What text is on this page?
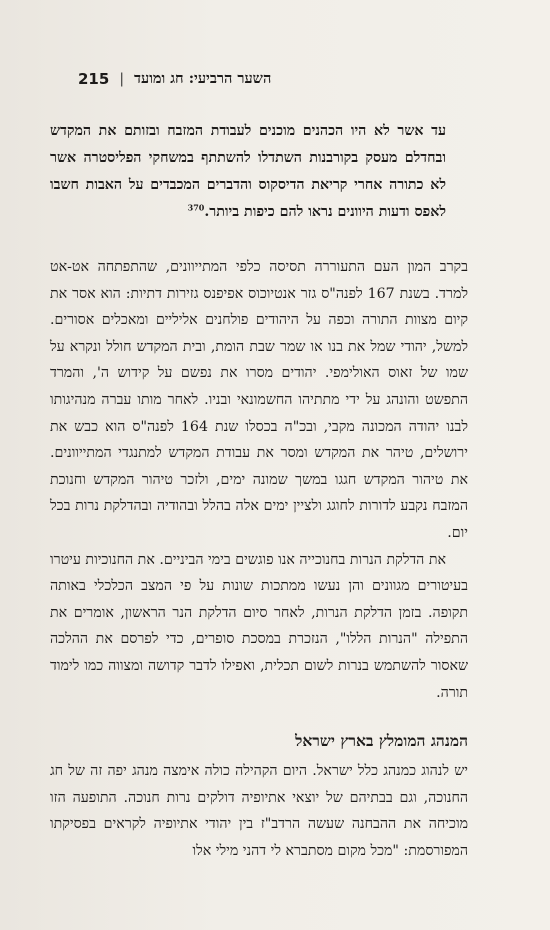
215 | השער הרביעי: חג ומועד
עד אשר לא היו הכהנים מוכנים לעבודת המזבח ובזותם את המקדש ובחדלם מעסק בקורבנות השתדלו להשתתף במשחקי הפליסטרה אשר לא כתורה אחרי קריאת הדיסקוס והדברים המכבדים על האבות חשבו לאפס ודעות היוונים נראו להם כיפות ביותר.$^{370}$

בקרב המון העם התעוררה תסיסה כלפי המתייוונים, שהתפתחה אט-אט למרד. בשנת 167 לפנה"ס גזר אנטיוכוס אפיפנס גזירות דתיות: הוא אסר את קיום מצוות התורה וכפה על היהודים פולחנים אליליים ומאכלים אסורים. למשל, יהודי שמל את בנו או שמר שבת הומת, ובית המקדש חולל ונקרא על שמו של זאוס האולימפי. יהודים מסרו את נפשם על קידוש ה', והמרד התפשט והונהג על ידי מתתיהו החשמונאי ובניו. לאחר מותו עברה מנהיגותו לבנו יהודה המכונה מקבי, ובכ"ה בכסלו שנת 164 לפנה"ס הוא כבש את ירושלים, טיהר את המקדש ומסר את עבודת המקדש למתנגדי המתייוונים. את טיהור המקדש חגגו במשך שמונה ימים, ולזכר טיהור המקדש וחנוכת המזבח נקבע לדורות לחוגג ולציין ימים אלה בהלל ובהודיה ובהדלקת נרות בכל יום.

את הדלקת הנרות בחנוכייה אנו פוגשים בימי הביניים. את החנוכיות עיטרו בעיטורים מגוונים והן נעשו ממתכות שונות על פי המצב הכלכלי באותה תקופה. בזמן הדלקת הנרות, לאחר סיום הדלקת הנר הראשון, אומרים את התפילה "הנרות הללו", הנזכרת במסכת סופרים, כדי לפרסם את ההלכה שאסור להשתמש בנרות לשום תכלית, ואפילו לדבר קדושה ומצווה כמו לימוד תורה.

המנהג המומלץ בארץ ישראל

יש לנהוג כמנהג כלל ישראל. היום הקהילה כולה אימצה מנהג יפה זה של חג החנוכה, וגם בבתיהם של יוצאי אתיופיה דולקים נרות חנוכה. התופעה הזו מוכיחה את ההבחנה שעשה הרדב"ז בין יהודי אתיופיה לקראים בפסיקתו המפורסמת: "מכל מקום מסתברא לי דהני מילי אלו
